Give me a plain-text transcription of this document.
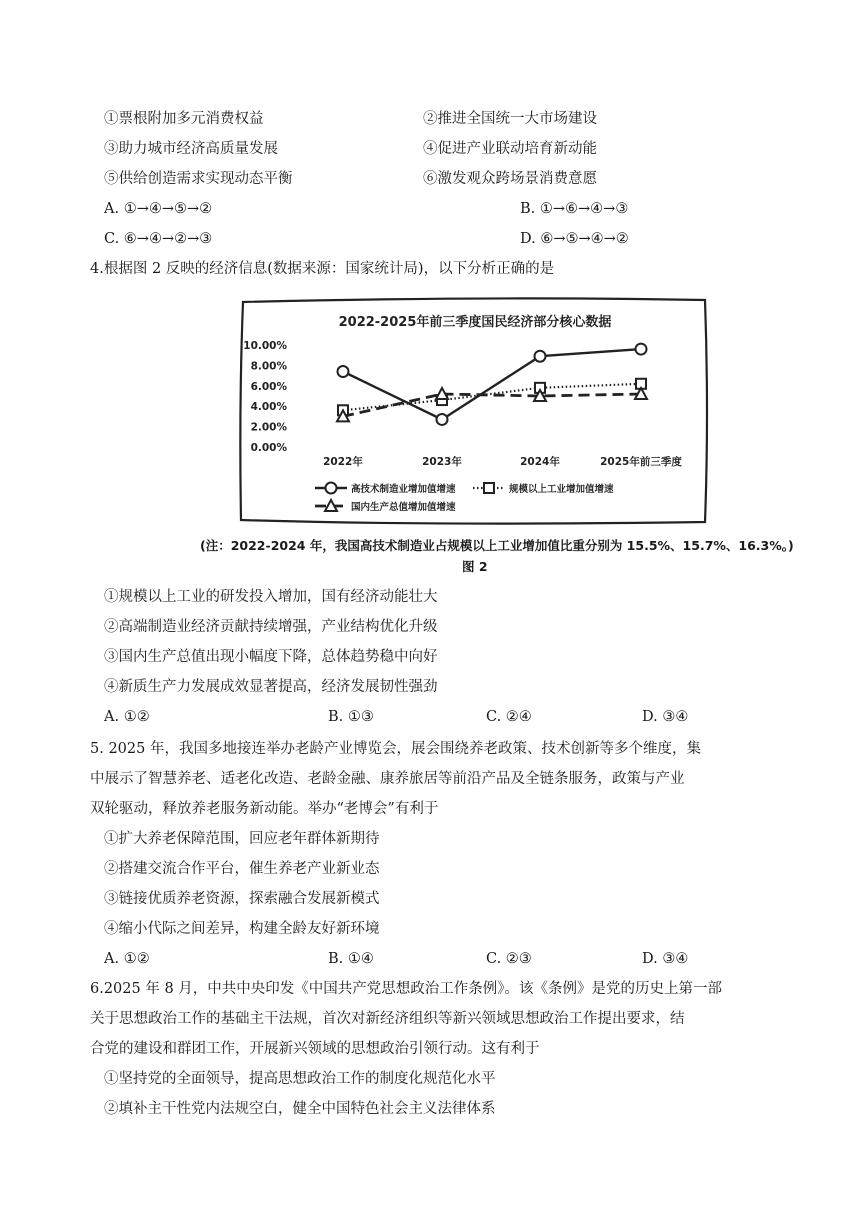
①票根附加多元消费权益	②推进全国统一大市场建设
③助力城市经济高质量发展	④促进产业联动培育新动能
⑤供给创造需求实现动态平衡	⑥激发观众跨场景消费意愿
A. ①→④→⑤→②	B. ①→⑥→④→③
C. ⑥→④→②→③	D. ⑥→⑤→④→②
4.根据图 2 反映的经济信息(数据来源：国家统计局)，以下分析正确的是
2022-2025年前三季度国民经济部分核心数据
10.00%
8.00%
6.00%
4.00%
2.00%
0.00%
2022年	2023年	2024年	2025年前三季度
高技术制造业增加值增速	规模以上工业增加值增速
国内生产总值增加值增速
(注：2022-2024 年，我国高技术制造业占规模以上工业增加值比重分别为 15.5%、15.7%、16.3%。)
图 2
①规模以上工业的研发投入增加，国有经济动能壮大
②高端制造业经济贡献持续增强，产业结构优化升级
③国内生产总值出现小幅度下降，总体趋势稳中向好
④新质生产力发展成效显著提高，经济发展韧性强劲
A. ①②	B. ①③	C. ②④	D. ③④
5. 2025 年，我国多地接连举办老龄产业博览会，展会围绕养老政策、技术创新等多个维度，集
中展示了智慧养老、适老化改造、老龄金融、康养旅居等前沿产品及全链条服务，政策与产业
双轮驱动，释放养老服务新动能。举办“老博会”有利于
①扩大养老保障范围，回应老年群体新期待
②搭建交流合作平台，催生养老产业新业态
③链接优质养老资源，探索融合发展新模式
④缩小代际之间差异，构建全龄友好新环境
A. ①②	B. ①④	C. ②③	D. ③④
6.2025 年 8 月，中共中央印发《中国共产党思想政治工作条例》。该《条例》是党的历史上第一部
关于思想政治工作的基础主干法规，首次对新经济组织等新兴领域思想政治工作提出要求，结
合党的建设和群团工作，开展新兴领域的思想政治引领行动。这有利于
①坚持党的全面领导，提高思想政治工作的制度化规范化水平
②填补主干性党内法规空白，健全中国特色社会主义法律体系
